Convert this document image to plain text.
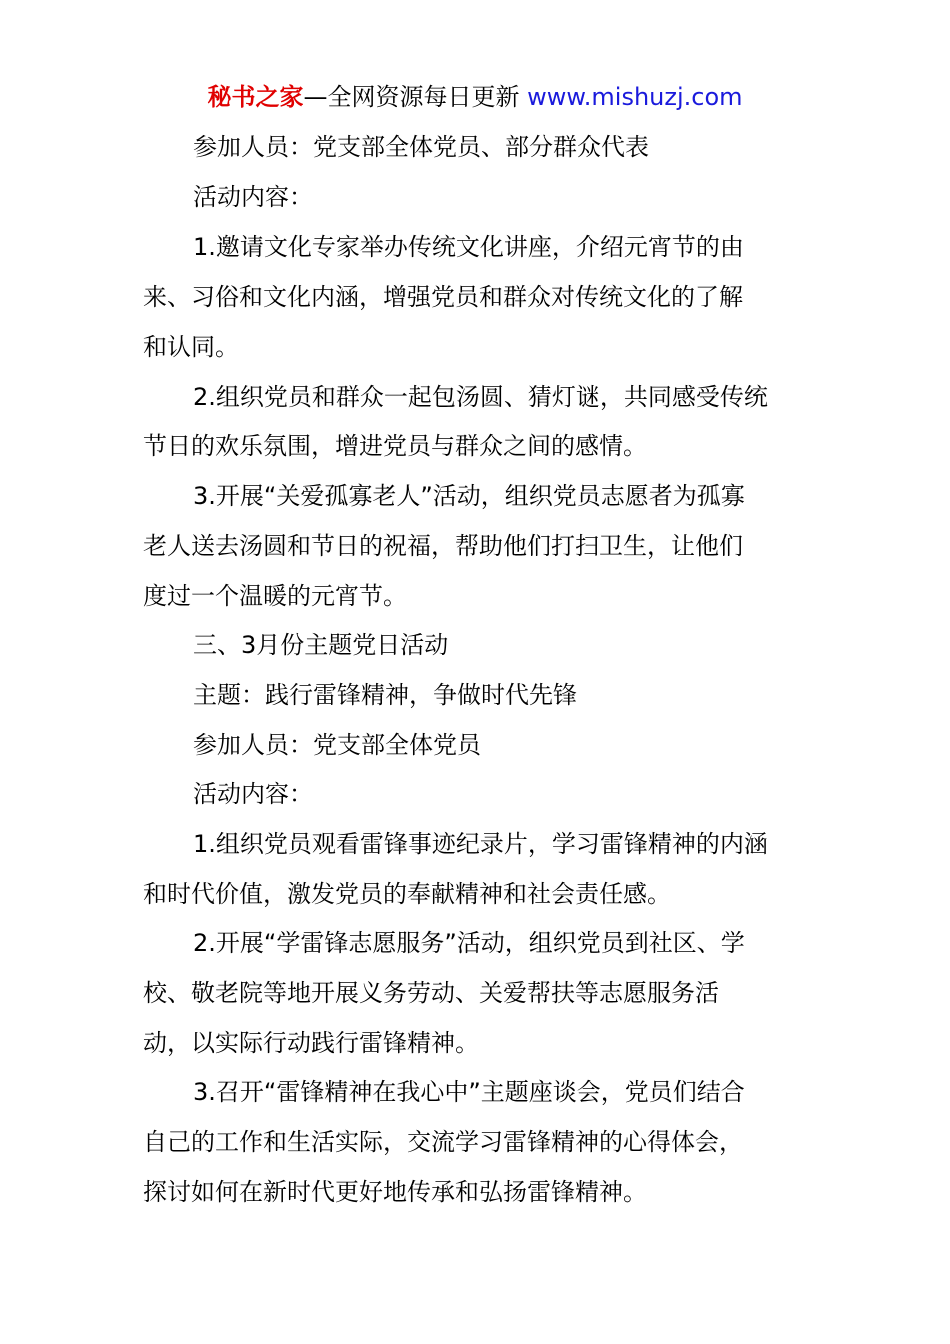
秘书之家—全网资源每日更新 www.mishuzj.com
参加人员：党支部全体党员、部分群众代表
活动内容：
1.邀请文化专家举办传统文化讲座，介绍元宵节的由
来、习俗和文化内涵，增强党员和群众对传统文化的了解
和认同。
2.组织党员和群众一起包汤圆、猜灯谜，共同感受传统
节日的欢乐氛围，增进党员与群众之间的感情。
3.开展“关爱孤寡老人”活动，组织党员志愿者为孤寡
老人送去汤圆和节日的祝福，帮助他们打扫卫生，让他们
度过一个温暖的元宵节。
三、3月份主题党日活动
主题：践行雷锋精神，争做时代先锋
参加人员：党支部全体党员
活动内容：
1.组织党员观看雷锋事迹纪录片，学习雷锋精神的内涵
和时代价值，激发党员的奉献精神和社会责任感。
2.开展“学雷锋志愿服务”活动，组织党员到社区、学
校、敬老院等地开展义务劳动、关爱帮扶等志愿服务活
动，以实际行动践行雷锋精神。
3.召开“雷锋精神在我心中”主题座谈会，党员们结合
自己的工作和生活实际，交流学习雷锋精神的心得体会，
探讨如何在新时代更好地传承和弘扬雷锋精神。
